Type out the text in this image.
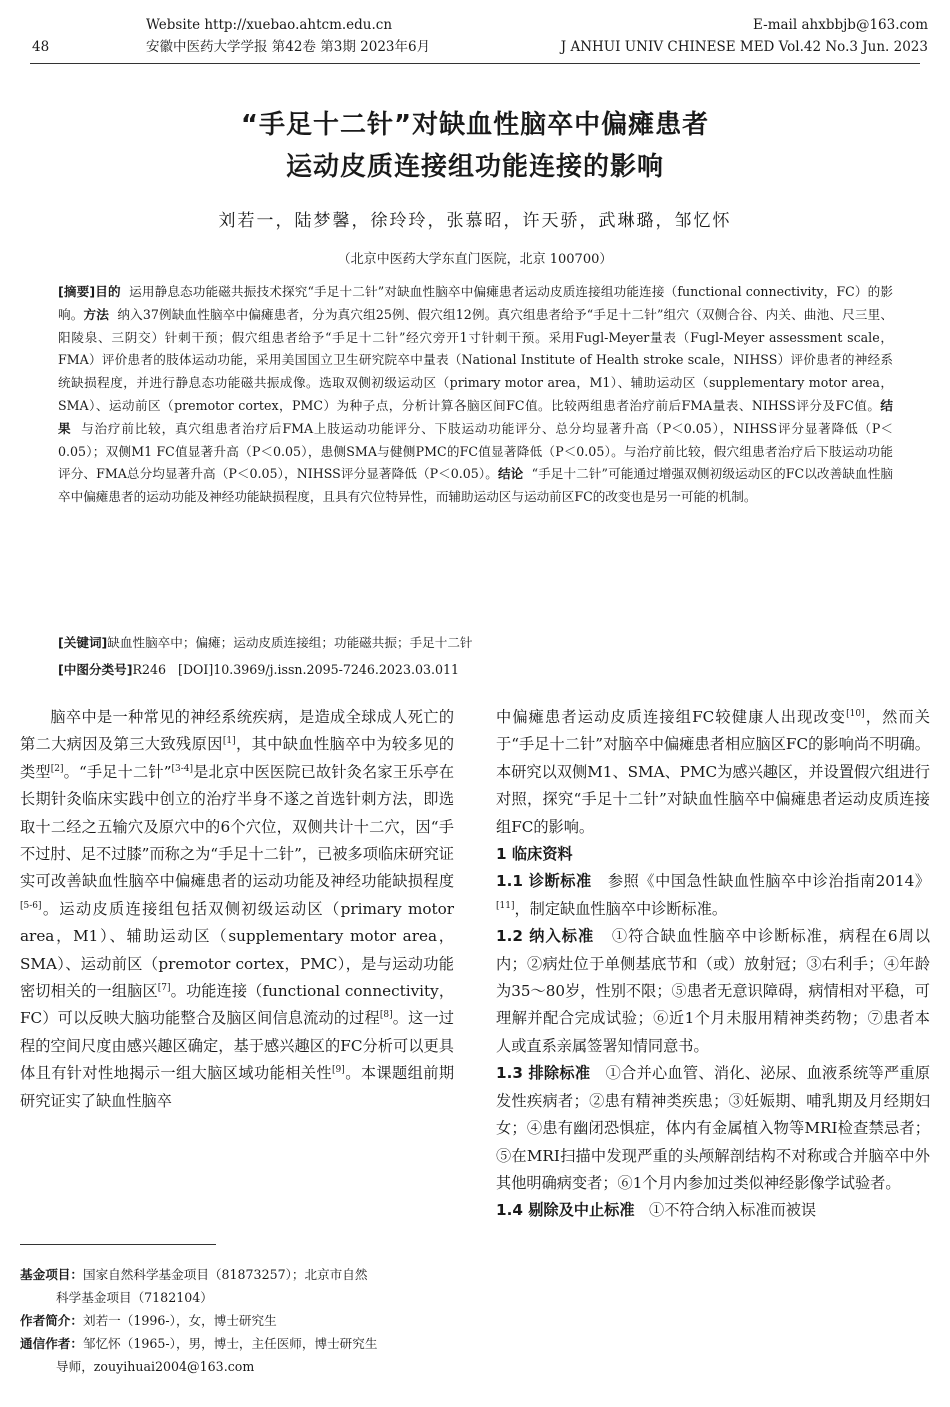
48
Website http://xuebao.ahtcm.edu.cn	E-mail ahxbbjb@163.com
安徽中医药大学学报 第42卷 第3期 2023年6月	J ANHUI UNIV CHINESE MED Vol.42 No.3 Jun. 2023
“手足十二针”对缺血性脑卒中偏瘫患者
运动皮质连接组功能连接的影响
刘若一，陆梦馨，徐玲玲，张慕昭，许天骄，武琳璐，邹忆怀
（北京中医药大学东直门医院，北京 100700）
[摘要]目的 运用静息态功能磁共振技术探究“手足十二针”对缺血性脑卒中偏瘫患者运动皮质连接组功能连接（functional connectivity，FC）的影响。方法 纳入37例缺血性脑卒中偏瘫患者，分为真穴组25例、假穴组12例。真穴组患者给予“手足十二针”组穴（双侧合谷、内关、曲池、尺三里、阳陵泉、三阴交）针刺干预；假穴组患者给予“手足十二针”经穴旁开1寸针刺干预。采用Fugl-Meyer量表（Fugl-Meyer assessment scale，FMA）评价患者的肢体运动功能，采用美国国立卫生研究院卒中量表（National Institute of Health stroke scale，NIHSS）评价患者的神经系统缺损程度，并进行静息态功能磁共振成像。选取双侧初级运动区（primary motor area，M1）、辅助运动区（supplementary motor area，SMA）、运动前区（premotor cortex，PMC）为种子点，分析计算各脑区间FC值。比较两组患者治疗前后FMA量表、NIHSS评分及FC值。结果 与治疗前比较，真穴组患者治疗后FMA上肢运动功能评分、下肢运动功能评分、总分均显著升高（P＜0.05），NIHSS评分显著降低（P＜0.05）；双侧M1 FC值显著升高（P＜0.05），患侧SMA与健侧PMC的FC值显著降低（P＜0.05）。与治疗前比较，假穴组患者治疗后下肢运动功能评分、FMA总分均显著升高（P＜0.05），NIHSS评分显著降低（P＜0.05）。结论 “手足十二针”可能通过增强双侧初级运动区的FC以改善缺血性脑卒中偏瘫患者的运动功能及神经功能缺损程度，且具有穴位特异性，而辅助运动区与运动前区FC的改变也是另一可能的机制。
[关键词]缺血性脑卒中；偏瘫；运动皮质连接组；功能磁共振；手足十二针
[中图分类号]R246 [DOI]10.3969/j.issn.2095-7246.2023.03.011

脑卒中是一种常见的神经系统疾病，是造成全球成人死亡的第二大病因及第三大致残原因[1]，其中缺血性脑卒中为较多见的类型[2]。“手足十二针”[3-4]是北京中医医院已故针灸名家王乐亭在长期针灸临床实践中创立的治疗半身不遂之首选针刺方法，即选取十二经之五输穴及原穴中的6个穴位，双侧共计十二穴，因“手不过肘、足不过膝”而称之为“手足十二针”，已被多项临床研究证实可改善缺血性脑卒中偏瘫患者的运动功能及神经功能缺损程度[5-6]。运动皮质连接组包括双侧初级运动区（primary motor area，M1）、辅助运动区（supplementary motor area，SMA）、运动前区（premotor cortex，PMC），是与运动功能密切相关的一组脑区[7]。功能连接（functional connectivity，FC）可以反映大脑功能整合及脑区间信息流动的过程[8]。这一过程的空间尺度由感兴趣区确定，基于感兴趣区的FC分析可以更具体且有针对性地揭示一组大脑区域功能相关性[9]。本课题组前期研究证实了缺血性脑卒

基金项目：国家自然科学基金项目（81873257）；北京市自然
科学基金项目（7182104）
作者简介：刘若一（1996-），女，博士研究生
通信作者：邹忆怀（1965-），男，博士，主任医师，博士研究生
导师，zouyihuai2004@163.com

中偏瘫患者运动皮质连接组FC较健康人出现改变[10]，然而关于“手足十二针”对脑卒中偏瘫患者相应脑区FC的影响尚不明确。本研究以双侧M1、SMA、PMC为感兴趣区，并设置假穴组进行对照，探究“手足十二针”对缺血性脑卒中偏瘫患者运动皮质连接组FC的影响。

1 临床资料

1.1 诊断标准 参照《中国急性缺血性脑卒中诊治指南2014》[11]，制定缺血性脑卒中诊断标准。

1.2 纳入标准 ①符合缺血性脑卒中诊断标准，病程在6周以内；②病灶位于单侧基底节和（或）放射冠；③右利手；④年龄为35～80岁，性别不限；⑤患者无意识障碍，病情相对平稳，可理解并配合完成试验；⑥近1个月未服用精神类药物；⑦患者本人或直系亲属签署知情同意书。

1.3 排除标准 ①合并心血管、消化、泌尿、血液系统等严重原发性疾病者；②患有精神类疾患；③妊娠期、哺乳期及月经期妇女；④患有幽闭恐惧症，体内有金属植入物等MRI检查禁忌者；⑤在MRI扫描中发现严重的头颅解剖结构不对称或合并脑卒中外其他明确病变者；⑥1个月内参加过类似神经影像学试验者。

1.4 剔除及中止标准 ①不符合纳入标准而被误
